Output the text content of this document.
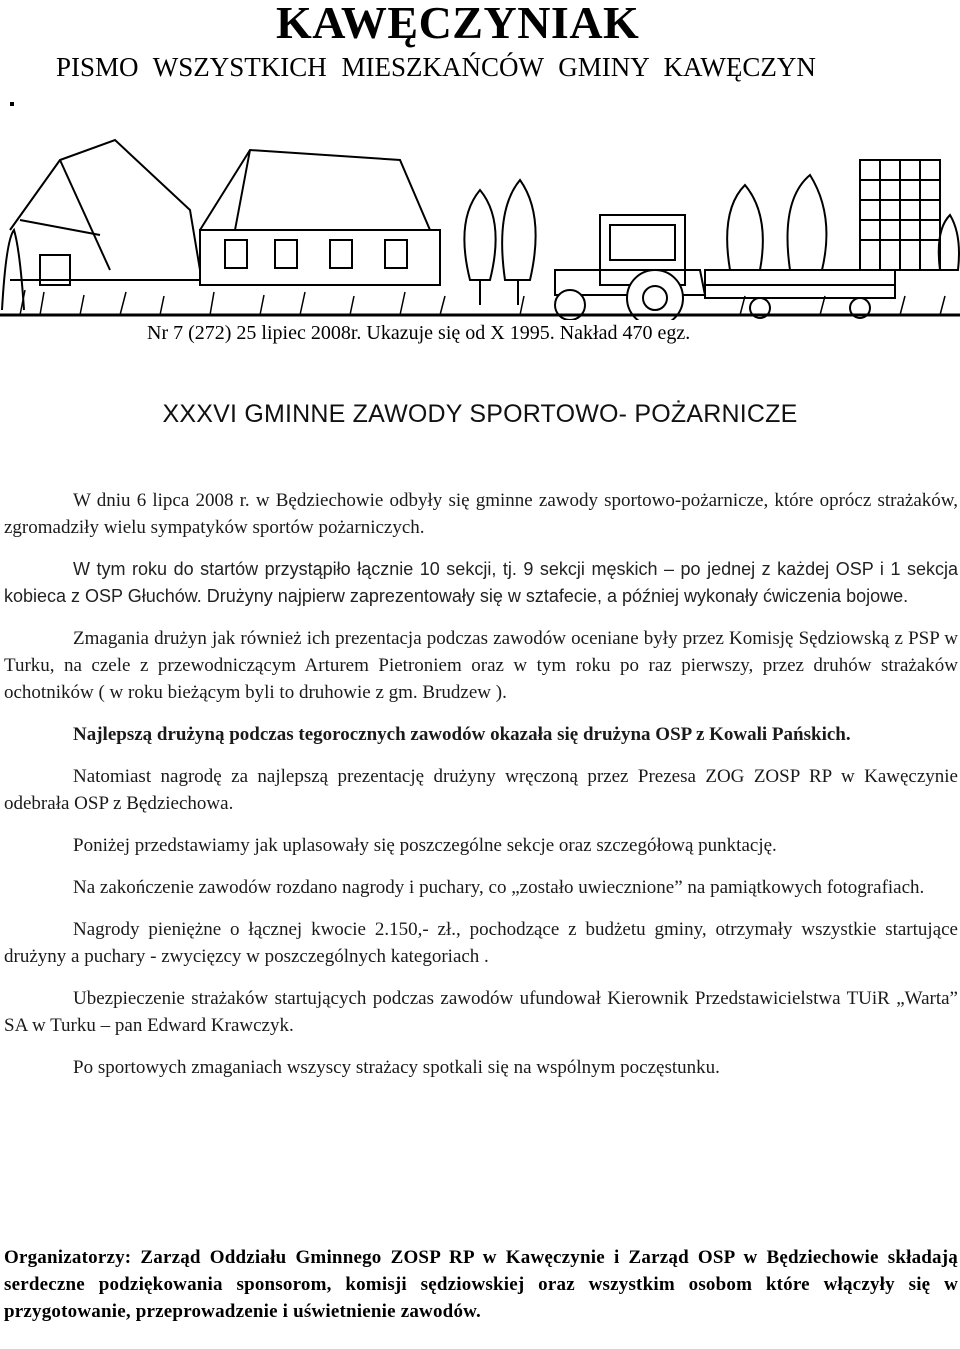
KAWĘCZYNIAK
PISMO WSZYSTKICH MIESZKAŃCÓW GMINY KAWĘCZYN
Nr 7 (272) 25 lipiec 2008r. Ukazuje się od X 1995. Nakład 470 egz.
XXXVI GMINNE ZAWODY SPORTOWO- POŻARNICZE

W dniu 6 lipca 2008 r. w Będziechowie odbyły się gminne zawody sportowo-pożarnicze, które oprócz strażaków, zgromadziły wielu sympatyków sportów pożarniczych.

W tym roku do startów przystąpiło łącznie 10 sekcji, tj. 9 sekcji męskich – po jednej z każdej OSP i 1 sekcja kobieca z OSP Głuchów. Drużyny najpierw zaprezentowały się w sztafecie, a później wykonały ćwiczenia bojowe.

Zmagania drużyn jak również ich prezentacja podczas zawodów oceniane były przez Komisję Sędziowską z PSP w Turku, na czele z przewodniczącym Arturem Pietroniem oraz w tym roku po raz pierwszy, przez druhów strażaków ochotników ( w roku bieżącym byli to druhowie z gm. Brudzew ).

Najlepszą drużyną podczas tegorocznych zawodów okazała się drużyna OSP z Kowali Pańskich.

Natomiast nagrodę za najlepszą prezentację drużyny wręczoną przez Prezesa ZOG ZOSP RP w Kawęczynie odebrała OSP z Będziechowa.

Poniżej przedstawiamy jak uplasowały się poszczególne sekcje oraz szczegółową punktację.

Na zakończenie zawodów rozdano nagrody i puchary, co „zostało uwiecznione” na pamiątkowych fotografiach.

Nagrody pieniężne o łącznej kwocie 2.150,- zł., pochodzące z budżetu gminy, otrzymały wszystkie startujące drużyny a puchary - zwycięzcy w poszczególnych kategoriach .

Ubezpieczenie strażaków startujących podczas zawodów ufundował Kierownik Przedstawicielstwa TUiR „Warta” SA w Turku – pan Edward Krawczyk.

Po sportowych zmaganiach wszyscy strażacy spotkali się na wspólnym poczęstunku.

Organizatorzy: Zarząd Oddziału Gminnego ZOSP RP w Kawęczynie i Zarząd OSP w Będziechowie składają serdeczne podziękowania sponsorom, komisji sędziowskiej oraz wszystkim osobom które włączyły się w przygotowanie, przeprowadzenie i uświetnienie zawodów.
